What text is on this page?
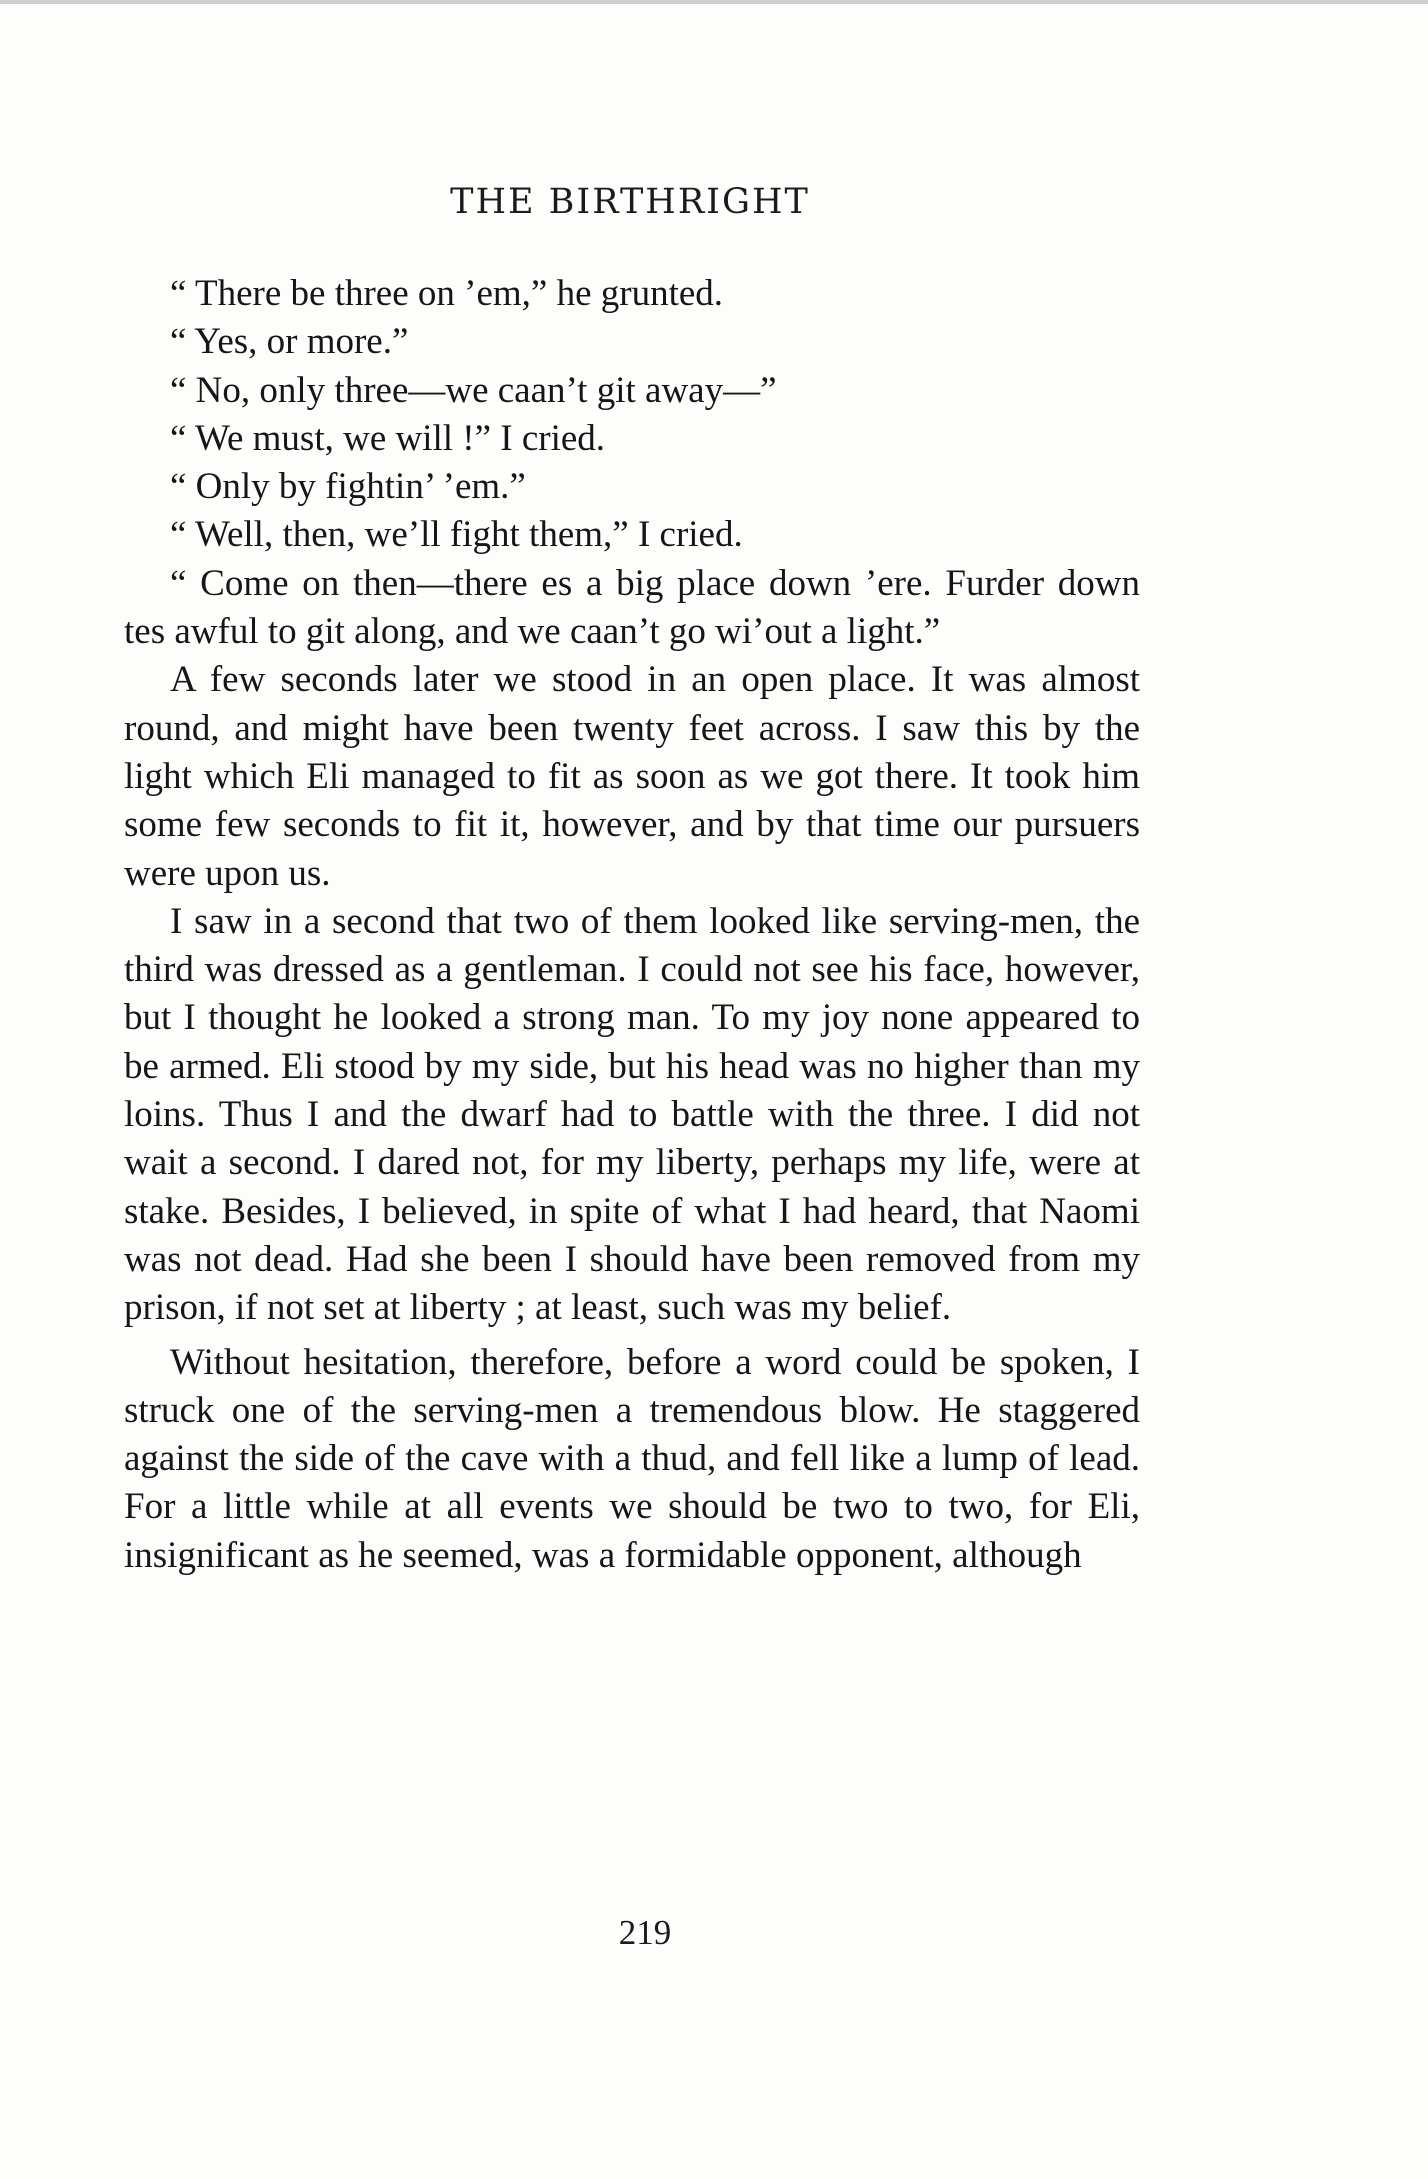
THE BIRTHRIGHT

“ There be three on ’em,” he grunted.

“ Yes, or more.”

“ No, only three—we caan’t git away—”

“ We must, we will !” I cried.

“ Only by fightin’ ’em.”

“ Well, then, we’ll fight them,” I cried.

“ Come on then—there es a big place down ’ere. Furder down tes awful to git along, and we caan’t go wi’out a light.”

A few seconds later we stood in an open place. It was almost round, and might have been twenty feet across. I saw this by the light which Eli managed to fit as soon as we got there. It took him some few seconds to fit it, however, and by that time our pursuers were upon us.

I saw in a second that two of them looked like serving-men, the third was dressed as a gentleman. I could not see his face, however, but I thought he looked a strong man. To my joy none appeared to be armed. Eli stood by my side, but his head was no higher than my loins. Thus I and the dwarf had to battle with the three. I did not wait a second. I dared not, for my liberty, perhaps my life, were at stake. Besides, I believed, in spite of what I had heard, that Naomi was not dead. Had she been I should have been removed from my prison, if not set at liberty ; at least, such was my belief.

Without hesitation, therefore, before a word could be spoken, I struck one of the serving-men a tremendous blow. He staggered against the side of the cave with a thud, and fell like a lump of lead. For a little while at all events we should be two to two, for Eli, insignificant as he seemed, was a formidable opponent, although

219
